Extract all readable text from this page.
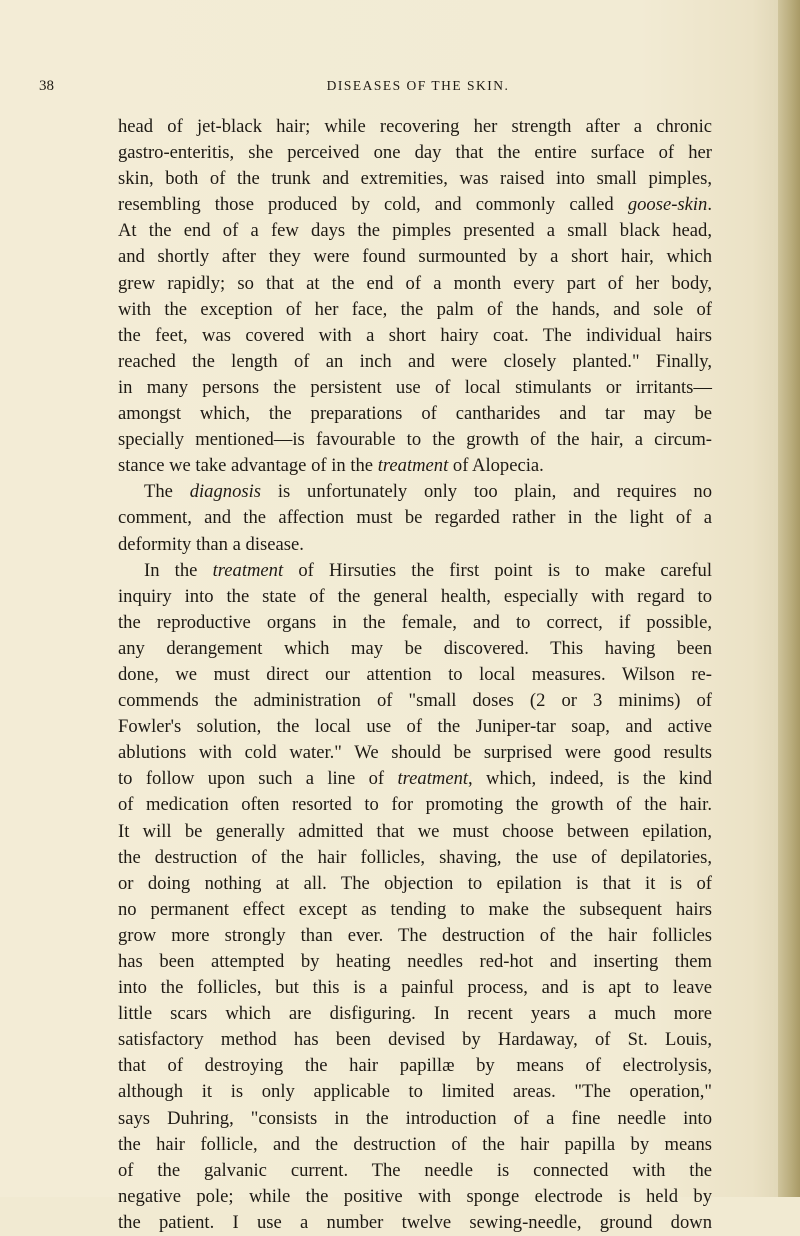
38	DISEASES OF THE SKIN.
head of jet-black hair; while recovering her strength after a chronic
gastro-enteritis, she perceived one day that the entire surface of her
skin, both of the trunk and extremities, was raised into small pimples,
resembling those produced by cold, and commonly called goose-skin.
At the end of a few days the pimples presented a small black head,
and shortly after they were found surmounted by a short hair, which
grew rapidly; so that at the end of a month every part of her body,
with the exception of her face, the palm of the hands, and sole of
the feet, was covered with a short hairy coat. The individual hairs
reached the length of an inch and were closely planted." Finally,
in many persons the persistent use of local stimulants or irritants—
amongst which, the preparations of cantharides and tar may be
specially mentioned—is favourable to the growth of the hair, a circum-
stance we take advantage of in the treatment of Alopecia.
The diagnosis is unfortunately only too plain, and requires no
comment, and the affection must be regarded rather in the light of a
deformity than a disease.
In the treatment of Hirsuties the first point is to make careful
inquiry into the state of the general health, especially with regard to
the reproductive organs in the female, and to correct, if possible,
any derangement which may be discovered. This having been
done, we must direct our attention to local measures. Wilson re-
commends the administration of "small doses (2 or 3 minims) of
Fowler's solution, the local use of the Juniper-tar soap, and active
ablutions with cold water." We should be surprised were good results
to follow upon such a line of treatment, which, indeed, is the kind
of medication often resorted to for promoting the growth of the hair.
It will be generally admitted that we must choose between epilation,
the destruction of the hair follicles, shaving, the use of depilatories,
or doing nothing at all. The objection to epilation is that it is of
no permanent effect except as tending to make the subsequent hairs
grow more strongly than ever. The destruction of the hair follicles
has been attempted by heating needles red-hot and inserting them
into the follicles, but this is a painful process, and is apt to leave
little scars which are disfiguring. In recent years a much more
satisfactory method has been devised by Hardaway, of St. Louis,
that of destroying the hair papillæ by means of electrolysis,
although it is only applicable to limited areas. "The operation,"
says Duhring, "consists in the introduction of a fine needle into
the hair follicle, and the destruction of the hair papilla by means
of the galvanic current. The needle is connected with the
negative pole; while the positive with sponge electrode is held by
the patient. I use a number twelve sewing-needle, ground down
